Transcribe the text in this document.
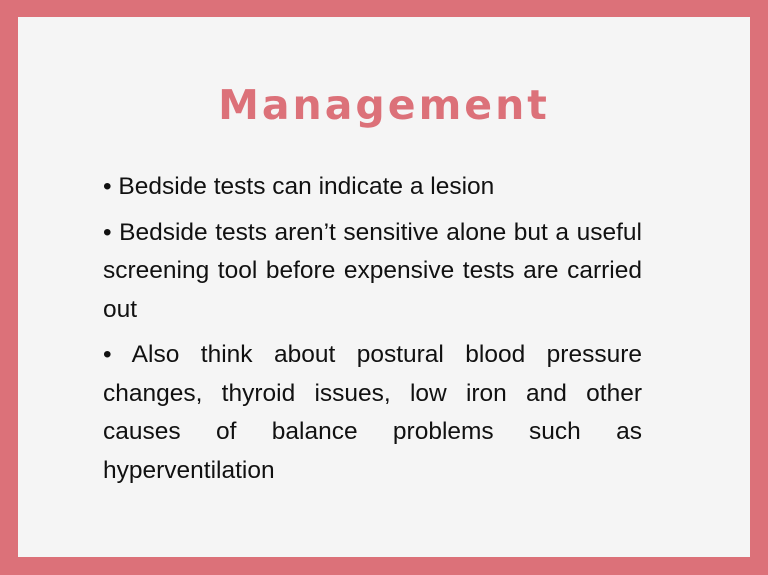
Management
• Bedside tests can indicate a lesion
• Bedside tests aren’t sensitive alone but a useful screening tool before expensive tests are carried out
• Also think about postural blood pressure changes, thyroid issues, low iron and other causes of balance problems such as hyperventilation
